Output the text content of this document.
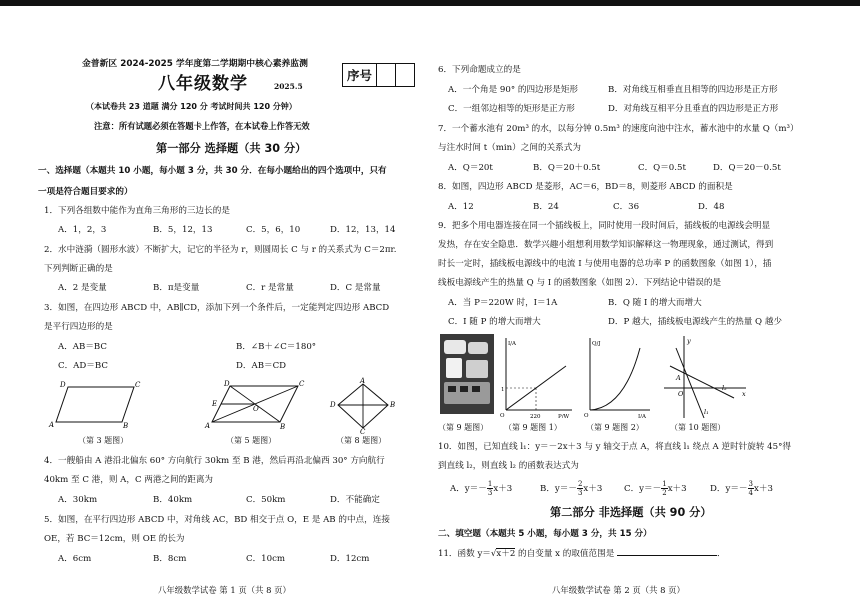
金普新区 2024-2025 学年度第二学期期中核心素养监测
序号
八年级数学	2025.5
（本试卷共 23 道题 满分 120 分 考试时间共 120 分钟）
注意：所有试题必须在答题卡上作答，在本试卷上作答无效
第一部分 选择题（共 30 分）
一、选择题（本题共 10 小题，每小题 3 分，共 30 分．在每小题给出的四个选项中，只有
一项是符合题目要求的）
1．下列各组数中能作为直角三角形的三边长的是
A．1，2，3	B．5，12，13	C．5，6，10	D．12，13，14
2．水中涟漪（圆形水波）不断扩大，记它的半径为 r，则圆周长 C 与 r 的关系式为 C＝2πr.
下列判断正确的是
A．2 是变量	B．π是变量	C．r 是常量	D．C 是常量
3．如图，在四边形 ABCD 中，AB∥CD，添加下列一个条件后，一定能判定四边形 ABCD
是平行四边形的是
A．AB＝BC	B．∠B＋∠C＝180°
C．AD＝BC	D．AB＝CD
D	C
A	B
D	C
E
O
A	B
A
D	B
C
（第 3 题图）	（第 5 题图）	（第 8 题图）
4．一艘船由 A 港沿北偏东 60° 方向航行 30km 至 B 港，然后再沿北偏西 30° 方向航行
40km 至 C 港，则 A，C 两港之间的距离为
A．30km	B．40km	C．50km	D．不能确定
5．如图，在平行四边形 ABCD 中，对角线 AC，BD 相交于点 O，E 是 AB 的中点，连接
OE，若 BC＝12cm，则 OE 的长为
A．6cm	B．8cm	C．10cm	D．12cm
八年级数学试卷 第 1 页（共 8 页）
6．下列命题成立的是
A．一个角是 90° 的四边形是矩形	B．对角线互相垂直且相等的四边形是正方形
C．一组邻边相等的矩形是正方形	D．对角线互相平分且垂直的四边形是正方形
7．一个蓄水池有 20m³ 的水，以每分钟 0.5m³ 的速度向池中注水，蓄水池中的水量 Q（m³）
与注水时间 t（min）之间的关系式为
A．Q＝20t	B．Q＝20＋0.5t	C．Q＝0.5t	D．Q＝20－0.5t
8．如图，四边形 ABCD 是菱形，AC＝6，BD＝8，则菱形 ABCD 的面积是
A．12	B．24	C．36	D．48
9．把多个用电器连接在同一个插线板上，同时使用一段时间后，插线板的电源线会明显
发热，存在安全隐患．数学兴趣小组想利用数学知识解释这一物理现象，通过测试，得到
时长一定时，插线板电源线中的电流 I 与使用电器的总功率 P 的函数图象（如图 1），插
线板电源线产生的热量 Q 与 I 的函数图象（如图 2）．下列结论中错误的是
A．当 P＝220W 时，I＝1A	B．Q 随 I 的增大而增大
C．I 随 P 的增大而增大	D．P 越大，插线板电源线产生的热量 Q 越少
I/A
P/W
220
1
O
Q/J
I/A
O
y
x
A
O
l₁
l₂
（第 9 题图） （第 9 题图 1）	（第 9 题图 2）	（第 10 题图）
10．如图，已知直线 l₁：y＝－2x＋3 与 y 轴交于点 A，将直线 l₁ 绕点 A 逆时针旋转 45°得
到直线 l₂，则直线 l₂ 的函数表达式为
A．$y=- \frac{1}{3} x+3$	B．$y=- \frac{2}{3} x+3$	C．$y=- \frac{1}{2} x+3$	D．$y=- \frac{3}{4} x+3$
第二部分 非选择题（共 90 分）
二、填空题（本题共 5 小题，每小题 3 分，共 15 分）
11．函数 y＝√x＋2 的自变量 x 的取值范围是	．
八年级数学试卷 第 2 页（共 8 页）
